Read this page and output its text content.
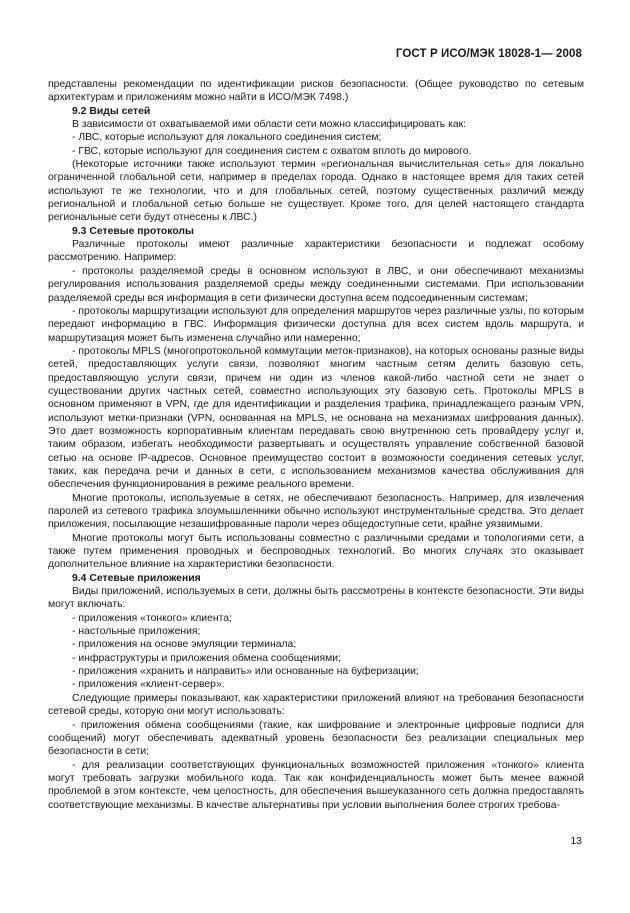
ГОСТ Р ИСО/МЭК 18028-1— 2008

представлены рекомендации по идентификации рисков безопасности. (Общее руководство по сетевым архитектурам и приложениям можно найти в ИСО/МЭК 7498.)

9.2 Виды сетей

В зависимости от охватываемой ими области сети можно классифицировать как:

- ЛВС, которые используют для локального соединения систем;

- ГВС, которые используют для соединения систем с охватом вплоть до мирового.

(Некоторые источники также используют термин «региональная вычислительная сеть» для локально ограниченной глобальной сети, например в пределах города. Однако в настоящее время для таких сетей используют те же технологии, что и для глобальных сетей, поэтому существенных различий между региональной и глобальной сетью больше не существует. Кроме того, для целей настоящего стандарта региональные сети будут отнесены к ЛВС.)

9.3 Сетевые протоколы

Различные протоколы имеют различные характеристики безопасности и подлежат особому рассмотрению. Например:

- протоколы разделяемой среды в основном используют в ЛВС, и они обеспечивают механизмы регулирования использования разделяемой среды между соединенными системами. При использовании разделяемой среды вся информация в сети физически доступна всем подсоединенным системам;

- протоколы маршрутизации используют для определения маршрутов через различные узлы, по которым передают информацию в ГВС. Информация физически доступна для всех систем вдоль маршрута, и маршрутизация может быть изменена случайно или намеренно;

- протоколы MPLS (многопротокольной коммутации меток-признаков), на которых основаны разные виды сетей, предоставляющих услуги связи, позволяют многим частным сетям делить базовую сеть, предоставляющую услуги связи, причем ни один из членов какой-либо частной сети не знает о существовании других частных сетей, совместно использующих эту базовую сеть. Протоколы MPLS в основном применяют в VPN, где для идентификации и разделения трафика, принадлежащего разным VPN, используют метки-признаки (VPN, основанная на MPLS, не основана на механизмах шифрования данных). Это дает возможность корпоративным клиентам передавать свою внутреннюю сеть провайдеру услуг и, таким образом, избегать необходимости развертывать и осуществлять управление собственной базовой сетью на основе IP-адресов. Основное преимущество состоит в возможности соединения сетевых услуг, таких, как передача речи и данных в сети, с использованием механизмов качества обслуживания для обеспечения функционирования в режиме реального времени.

Многие протоколы, используемые в сетях, не обеспечивают безопасность. Например, для извлечения паролей из сетевого трафика злоумышленники обычно используют инструментальные средства. Это делает приложения, посылающие незашифрованные пароли через общедоступные сети, крайне уязвимыми.

Многие протоколы могут быть использованы совместно с различными средами и топологиями сети, а также путем применения проводных и беспроводных технологий. Во многих случаях это оказывает дополнительное влияние на характеристики безопасности.

9.4 Сетевые приложения

Виды приложений, используемых в сети, должны быть рассмотрены в контексте безопасности. Эти виды могут включать:

- приложения «тонкого» клиента;

- настольные приложения;

- приложения на основе эмуляции терминала;

- инфраструктуры и приложения обмена сообщениями;

- приложения «хранить и направить» или основанные на буферизации;

- приложения «клиент-сервер».

Следующие примеры показывают, как характеристики приложений влияют на требования безопасности сетевой среды, которую они могут использовать:

- приложения обмена сообщениями (такие, как шифрование и электронные цифровые подписи для сообщений) могут обеспечивать адекватный уровень безопасности без реализации специальных мер безопасности в сети;

- для реализации соответствующих функциональных возможностей приложения «тонкого» клиента могут требовать загрузки мобильного кода. Так как конфиденциальность может быть менее важной проблемой в этом контексте, чем целостность, для обеспечения вышеуказанного сеть должна предоставлять соответствующие механизмы. В качестве альтернативы при условии выполнения более строгих требова-

13
